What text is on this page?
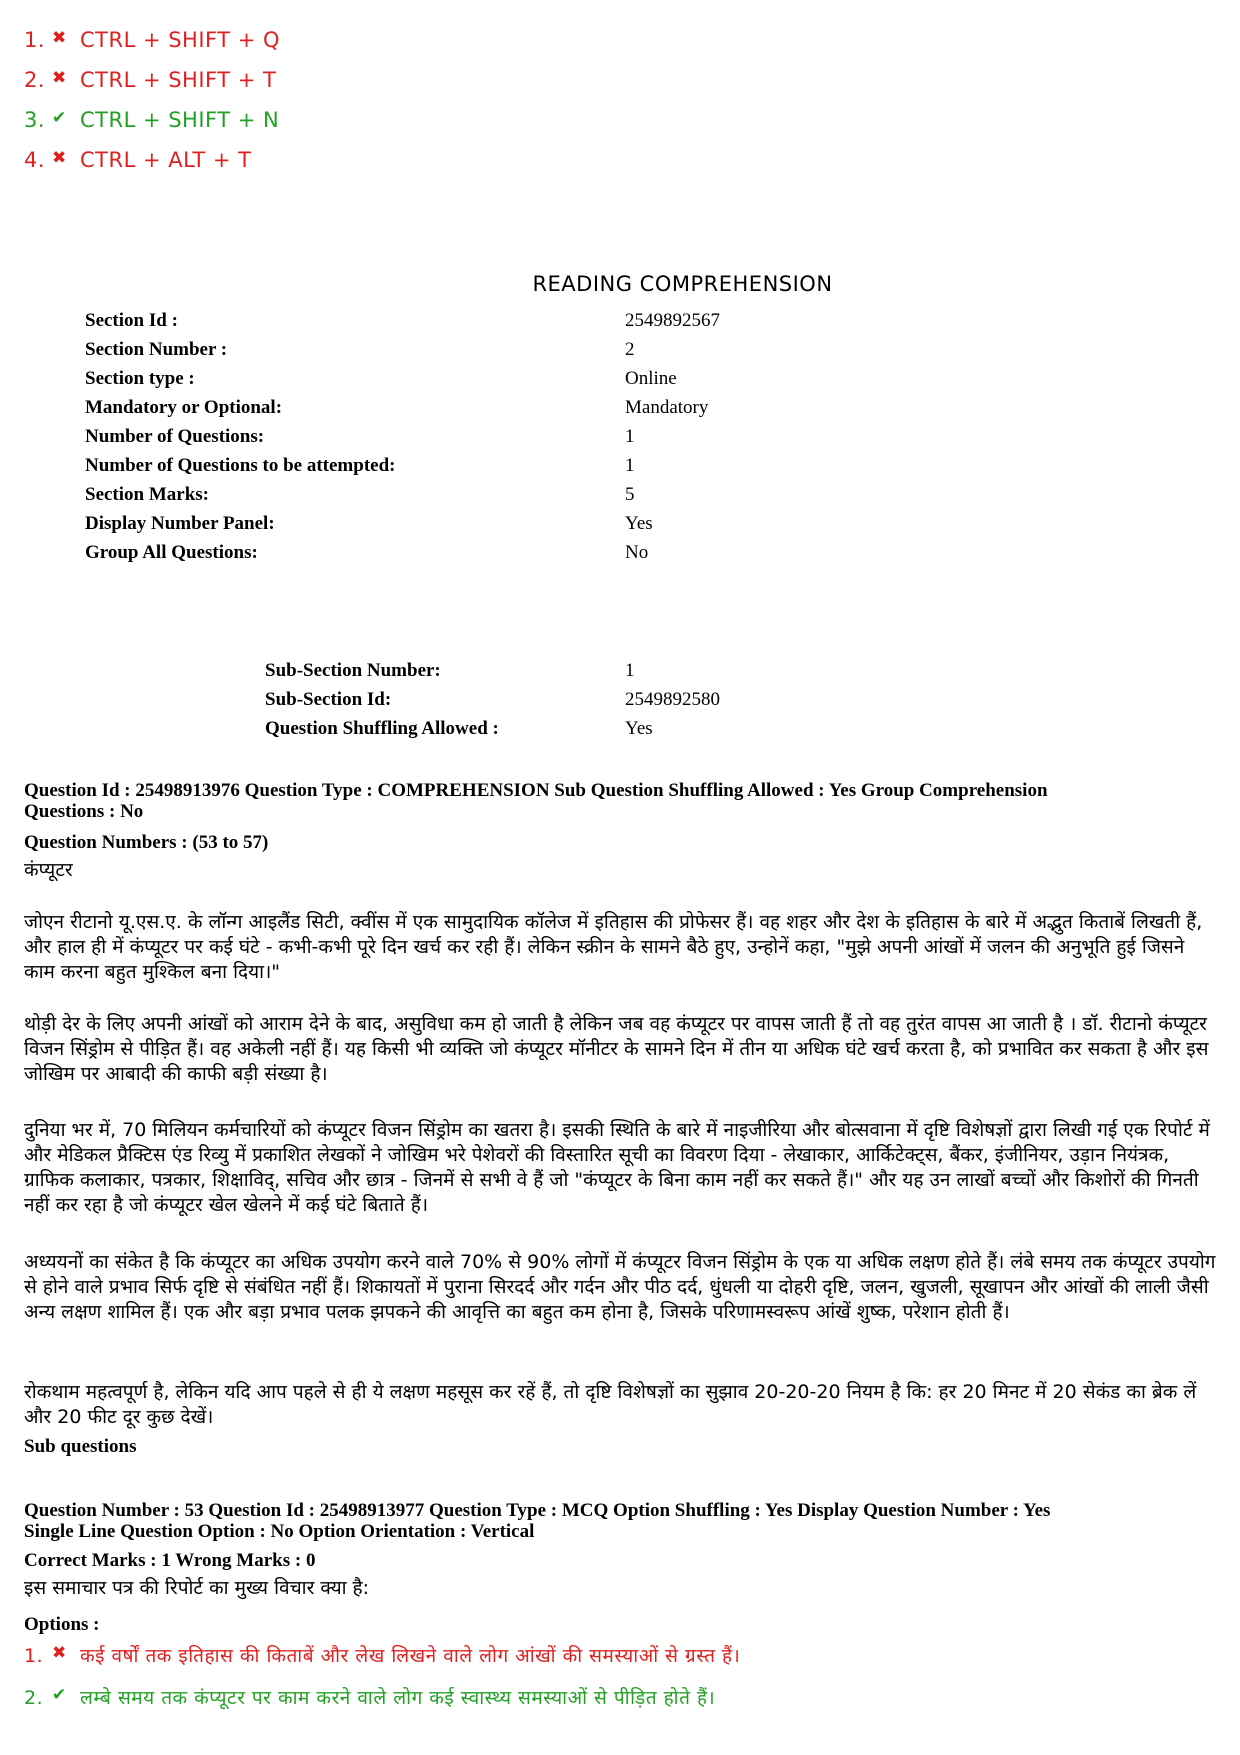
1. ✖ CTRL + SHIFT + Q
2. ✖ CTRL + SHIFT + T
3. ✔ CTRL + SHIFT + N
4. ✖ CTRL + ALT + T
READING COMPREHENSION
Section Id :	2549892567
Section Number :	2
Section type :	Online
Mandatory or Optional:	Mandatory
Number of Questions:	1
Number of Questions to be attempted:	1
Section Marks:	5
Display Number Panel:	Yes
Group All Questions:	No
Sub-Section Number:	1
Sub-Section Id:	2549892580
Question Shuffling Allowed :	Yes
Question Id : 25498913976 Question Type : COMPREHENSION Sub Question Shuffling Allowed : Yes Group Comprehension
Questions : No
Question Numbers : (53 to 57)
कंप्यूटर
जोएन रीटानो यू.एस.ए. के लॉन्ग आइलैंड सिटी, क्वींस में एक सामुदायिक कॉलेज में इतिहास की प्रोफेसर हैं। वह शहर और देश के इतिहास के बारे में अद्भुत किताबें लिखती हैं, और हाल ही में कंप्यूटर पर कई घंटे - कभी-कभी पूरे दिन खर्च कर रही हैं। लेकिन स्क्रीन के सामने बैठे हुए, उन्होनें कहा, "मुझे अपनी आंखों में जलन की अनुभूति हुई जिसने काम करना बहुत मुश्किल बना दिया।"
थोड़ी देर के लिए अपनी आंखों को आराम देने के बाद, असुविधा कम हो जाती है लेकिन जब वह कंप्यूटर पर वापस जाती हैं तो वह तुरंत वापस आ जाती है । डॉ. रीटानो कंप्यूटर विजन सिंड्रोम से पीड़ित हैं। वह अकेली नहीं हैं। यह किसी भी व्यक्ति जो कंप्यूटर मॉनीटर के सामने दिन में तीन या अधिक घंटे खर्च करता है, को प्रभावित कर सकता है और इस जोखिम पर आबादी की काफी बड़ी संख्या है।
दुनिया भर में, 70 मिलियन कर्मचारियों को कंप्यूटर विजन सिंड्रोम का खतरा है। इसकी स्थिति के बारे में नाइजीरिया और बोत्सवाना में दृष्टि विशेषज्ञों द्वारा लिखी गई एक रिपोर्ट में और मेडिकल प्रैक्टिस एंड रिव्यु में प्रकाशित लेखकों ने जोखिम भरे पेशेवरों की विस्तारित सूची का विवरण दिया - लेखाकार, आर्किटेक्ट्स, बैंकर, इंजीनियर, उड़ान नियंत्रक, ग्राफिक कलाकार, पत्रकार, शिक्षाविद्, सचिव और छात्र - जिनमें से सभी वे हैं जो "कंप्यूटर के बिना काम नहीं कर सकते हैं।" और यह उन लाखों बच्चों और किशोरों की गिनती नहीं कर रहा है जो कंप्यूटर खेल खेलने में कई घंटे बिताते हैं।
अध्ययनों का संकेत है कि कंप्यूटर का अधिक उपयोग करने वाले 70% से 90% लोगों में कंप्यूटर विजन सिंड्रोम के एक या अधिक लक्षण होते हैं। लंबे समय तक कंप्यूटर उपयोग से होने वाले प्रभाव सिर्फ दृष्टि से संबंधित नहीं हैं। शिकायतों में पुराना सिरदर्द और गर्दन और पीठ दर्द, धुंधली या दोहरी दृष्टि, जलन, खुजली, सूखापन और आंखों की लाली जैसी अन्य लक्षण शामिल हैं। एक और बड़ा प्रभाव पलक झपकने की आवृत्ति का बहुत कम होना है, जिसके परिणामस्वरूप आंखें शुष्क, परेशान होती हैं।
रोकथाम महत्वपूर्ण है, लेकिन यदि आप पहले से ही ये लक्षण महसूस कर रहें हैं, तो दृष्टि विशेषज्ञों का सुझाव 20-20-20 नियम है कि: हर 20 मिनट में 20 सेकंड का ब्रेक लें और 20 फीट दूर कुछ देखें।
Sub questions
Question Number : 53 Question Id : 25498913977 Question Type : MCQ Option Shuffling : Yes Display Question Number : Yes
Single Line Question Option : No Option Orientation : Vertical
Correct Marks : 1 Wrong Marks : 0
इस समाचार पत्र की रिपोर्ट का मुख्य विचार क्या है:
Options :
1. ✖ कई वर्षों तक इतिहास की किताबें और लेख लिखने वाले लोग आंखों की समस्याओं से ग्रस्त हैं।
2. ✔ लम्बे समय तक कंप्यूटर पर काम करने वाले लोग कई स्वास्थ्य समस्याओं से पीड़ित होते हैं।
